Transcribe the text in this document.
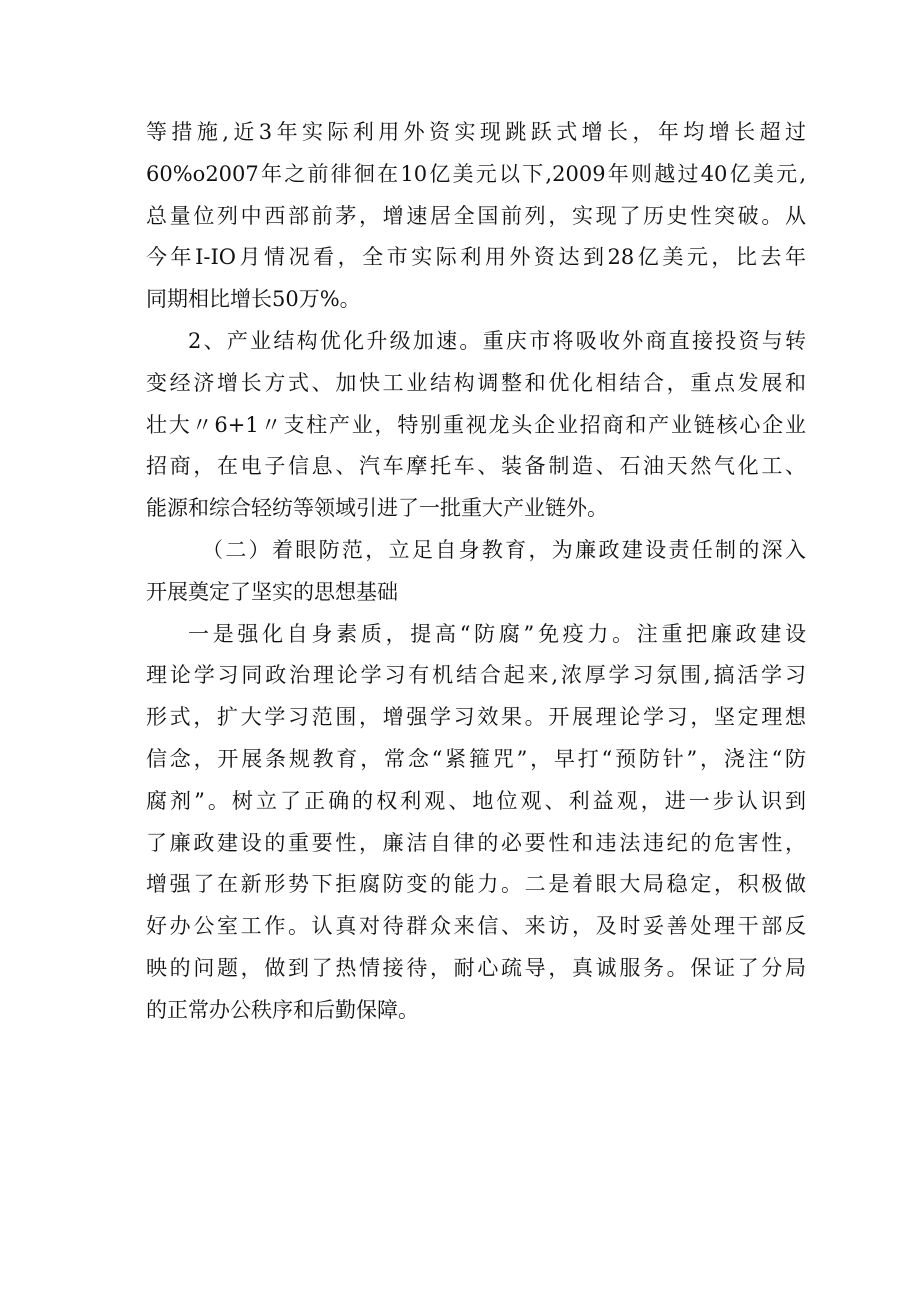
等措施,近3年实际利用外资实现跳跃式增长，年均增长超过
60%o2007年之前徘徊在10亿美元以下,2009年则越过40亿美元,
总量位列中西部前茅，增速居全国前列，实现了历史性突破。从
今年I-IO月情况看，全市实际利用外资达到28亿美元，比去年
同期相比增长50万%。
2、产业结构优化升级加速。重庆市将吸收外商直接投资与转
变经济增长方式、加快工业结构调整和优化相结合，重点发展和
壮大〃6+1〃支柱产业，特别重视龙头企业招商和产业链核心企业
招商，在电子信息、汽车摩托车、装备制造、石油天然气化工、
能源和综合轻纺等领域引进了一批重大产业链外。
（二）着眼防范，立足自身教育，为廉政建设责任制的深入
开展奠定了坚实的思想基础
一是强化自身素质，提高“防腐”免疫力。注重把廉政建设
理论学习同政治理论学习有机结合起来,浓厚学习氛围,搞活学习
形式，扩大学习范围，增强学习效果。开展理论学习，坚定理想
信念，开展条规教育，常念“紧箍咒”，早打“预防针”，浇注“防
腐剂”。树立了正确的权利观、地位观、利益观，进一步认识到
了廉政建设的重要性，廉洁自律的必要性和违法违纪的危害性，
增强了在新形势下拒腐防变的能力。二是着眼大局稳定，积极做
好办公室工作。认真对待群众来信、来访，及时妥善处理干部反
映的问题，做到了热情接待，耐心疏导，真诚服务。保证了分局
的正常办公秩序和后勤保障。
